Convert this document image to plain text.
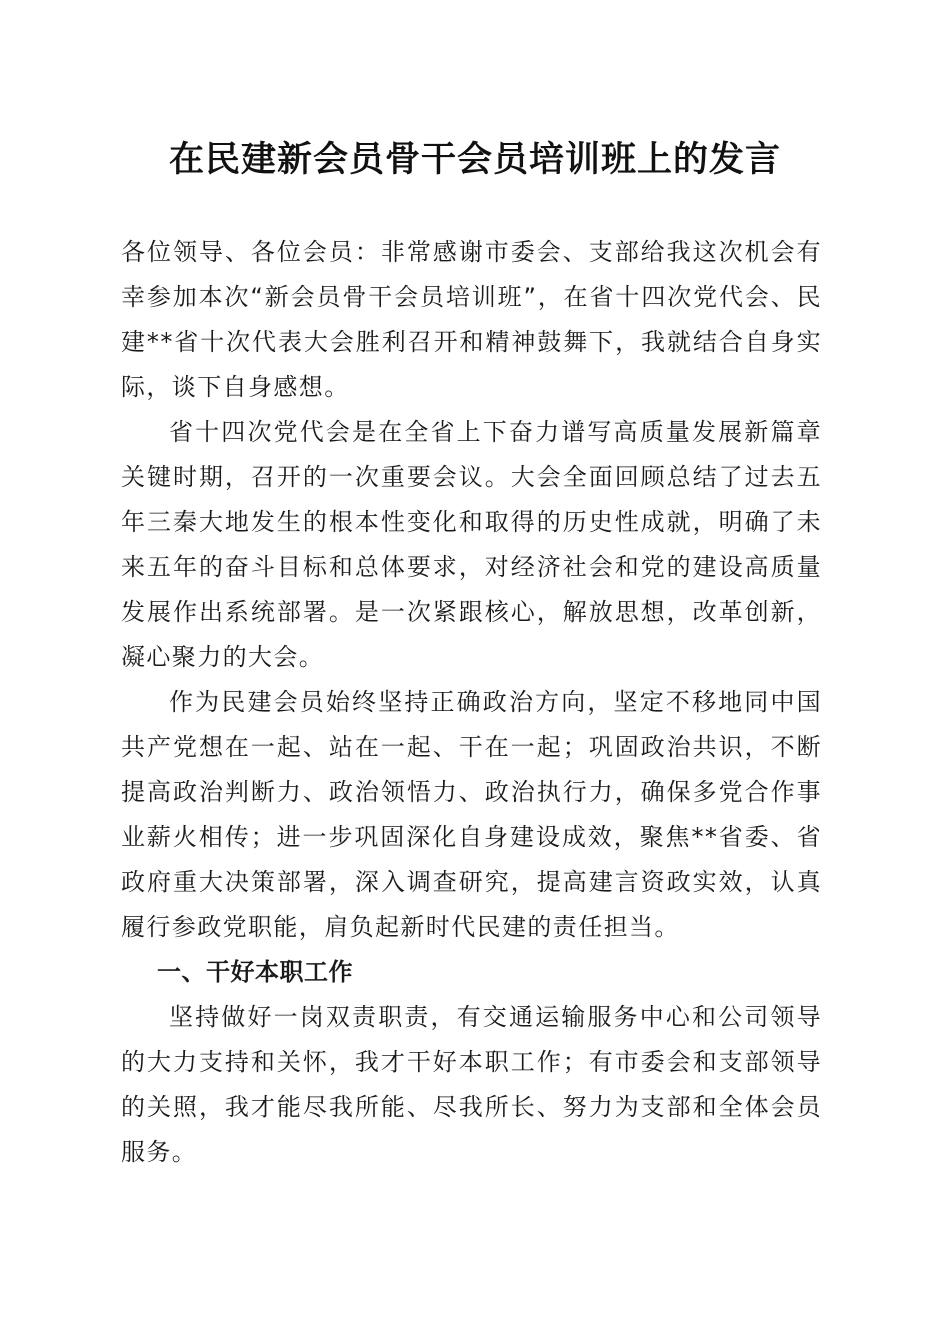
在民建新会员骨干会员培训班上的发言

各位领导、各位会员：非常感谢市委会、支部给我这次机会有幸参加本次“新会员骨干会员培训班”，在省十四次党代会、民建**省十次代表大会胜利召开和精神鼓舞下，我就结合自身实际，谈下自身感想。

省十四次党代会是在全省上下奋力谱写高质量发展新篇章关键时期，召开的一次重要会议。大会全面回顾总结了过去五年三秦大地发生的根本性变化和取得的历史性成就，明确了未来五年的奋斗目标和总体要求，对经济社会和党的建设高质量发展作出系统部署。是一次紧跟核心，解放思想，改革创新，凝心聚力的大会。

作为民建会员始终坚持正确政治方向，坚定不移地同中国共产党想在一起、站在一起、干在一起；巩固政治共识，不断提高政治判断力、政治领悟力、政治执行力，确保多党合作事业薪火相传；进一步巩固深化自身建设成效，聚焦**省委、省政府重大决策部署，深入调查研究，提高建言资政实效，认真履行参政党职能，肩负起新时代民建的责任担当。

一、干好本职工作

坚持做好一岗双责职责，有交通运输服务中心和公司领导的大力支持和关怀，我才干好本职工作；有市委会和支部领导的关照，我才能尽我所能、尽我所长、努力为支部和全体会员服务。
